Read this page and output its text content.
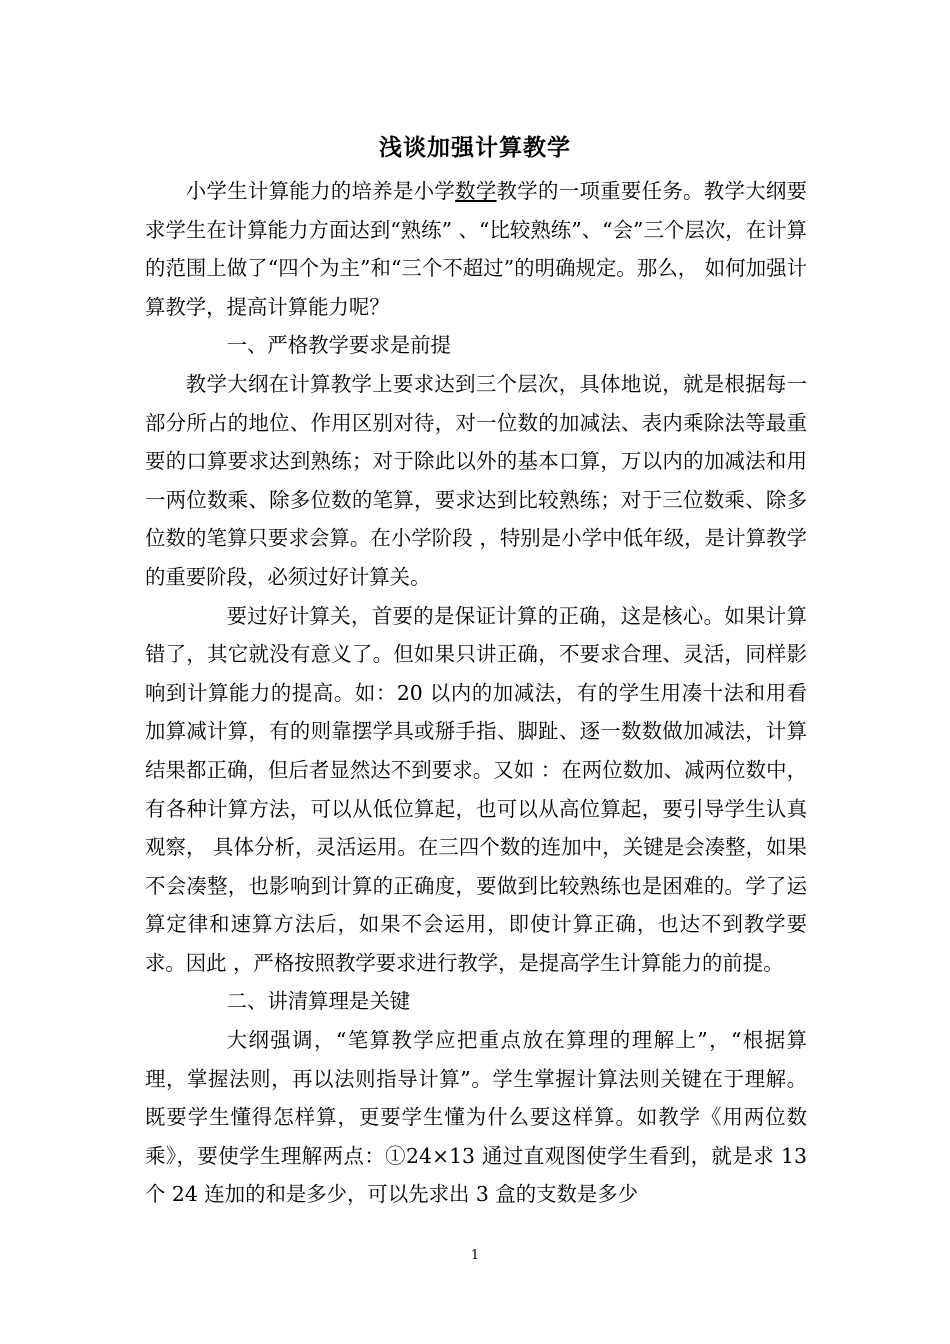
浅谈加强计算教学

小学生计算能力的培养是小学数学教学的一项重要任务。教学大纲要求学生在计算能力方面达到“熟练” 、“比较熟练”、“会”三个层次，在计算的范围上做了“四个为主”和“三个不超过”的明确规定。那么， 如何加强计算教学，提高计算能力呢？

一、严格教学要求是前提

教学大纲在计算教学上要求达到三个层次，具体地说，就是根据每一部分所占的地位、作用区别对待，对一位数的加减法、表内乘除法等最重要的口算要求达到熟练；对于除此以外的基本口算，万以内的加减法和用一两位数乘、除多位数的笔算，要求达到比较熟练；对于三位数乘、除多位数的笔算只要求会算。在小学阶段 ，特别是小学中低年级，是计算教学的重要阶段，必须过好计算关。

要过好计算关，首要的是保证计算的正确，这是核心。如果计算错了，其它就没有意义了。但如果只讲正确，不要求合理、灵活，同样影响到计算能力的提高。如：20 以内的加减法，有的学生用凑十法和用看加算减计算，有的则靠摆学具或掰手指、脚趾、逐一数数做加减法，计算结果都正确，但后者显然达不到要求。又如 ：在两位数加、减两位数中，有各种计算方法，可以从低位算起，也可以从高位算起，要引导学生认真观察， 具体分析，灵活运用。在三四个数的连加中，关键是会凑整，如果不会凑整，也影响到计算的正确度，要做到比较熟练也是困难的。学了运算定律和速算方法后，如果不会运用，即使计算正确，也达不到教学要求。因此 ，严格按照教学要求进行教学，是提高学生计算能力的前提。

二、讲清算理是关键

大纲强调，“笔算教学应把重点放在算理的理解上”，“根据算理，掌握法则，再以法则指导计算”。学生掌握计算法则关键在于理解。既要学生懂得怎样算，更要学生懂为什么要这样算。如教学《用两位数乘》，要使学生理解两点：①24×13 通过直观图使学生看到，就是求 13 个 24 连加的和是多少，可以先求出 3 盒的支数是多少

1
